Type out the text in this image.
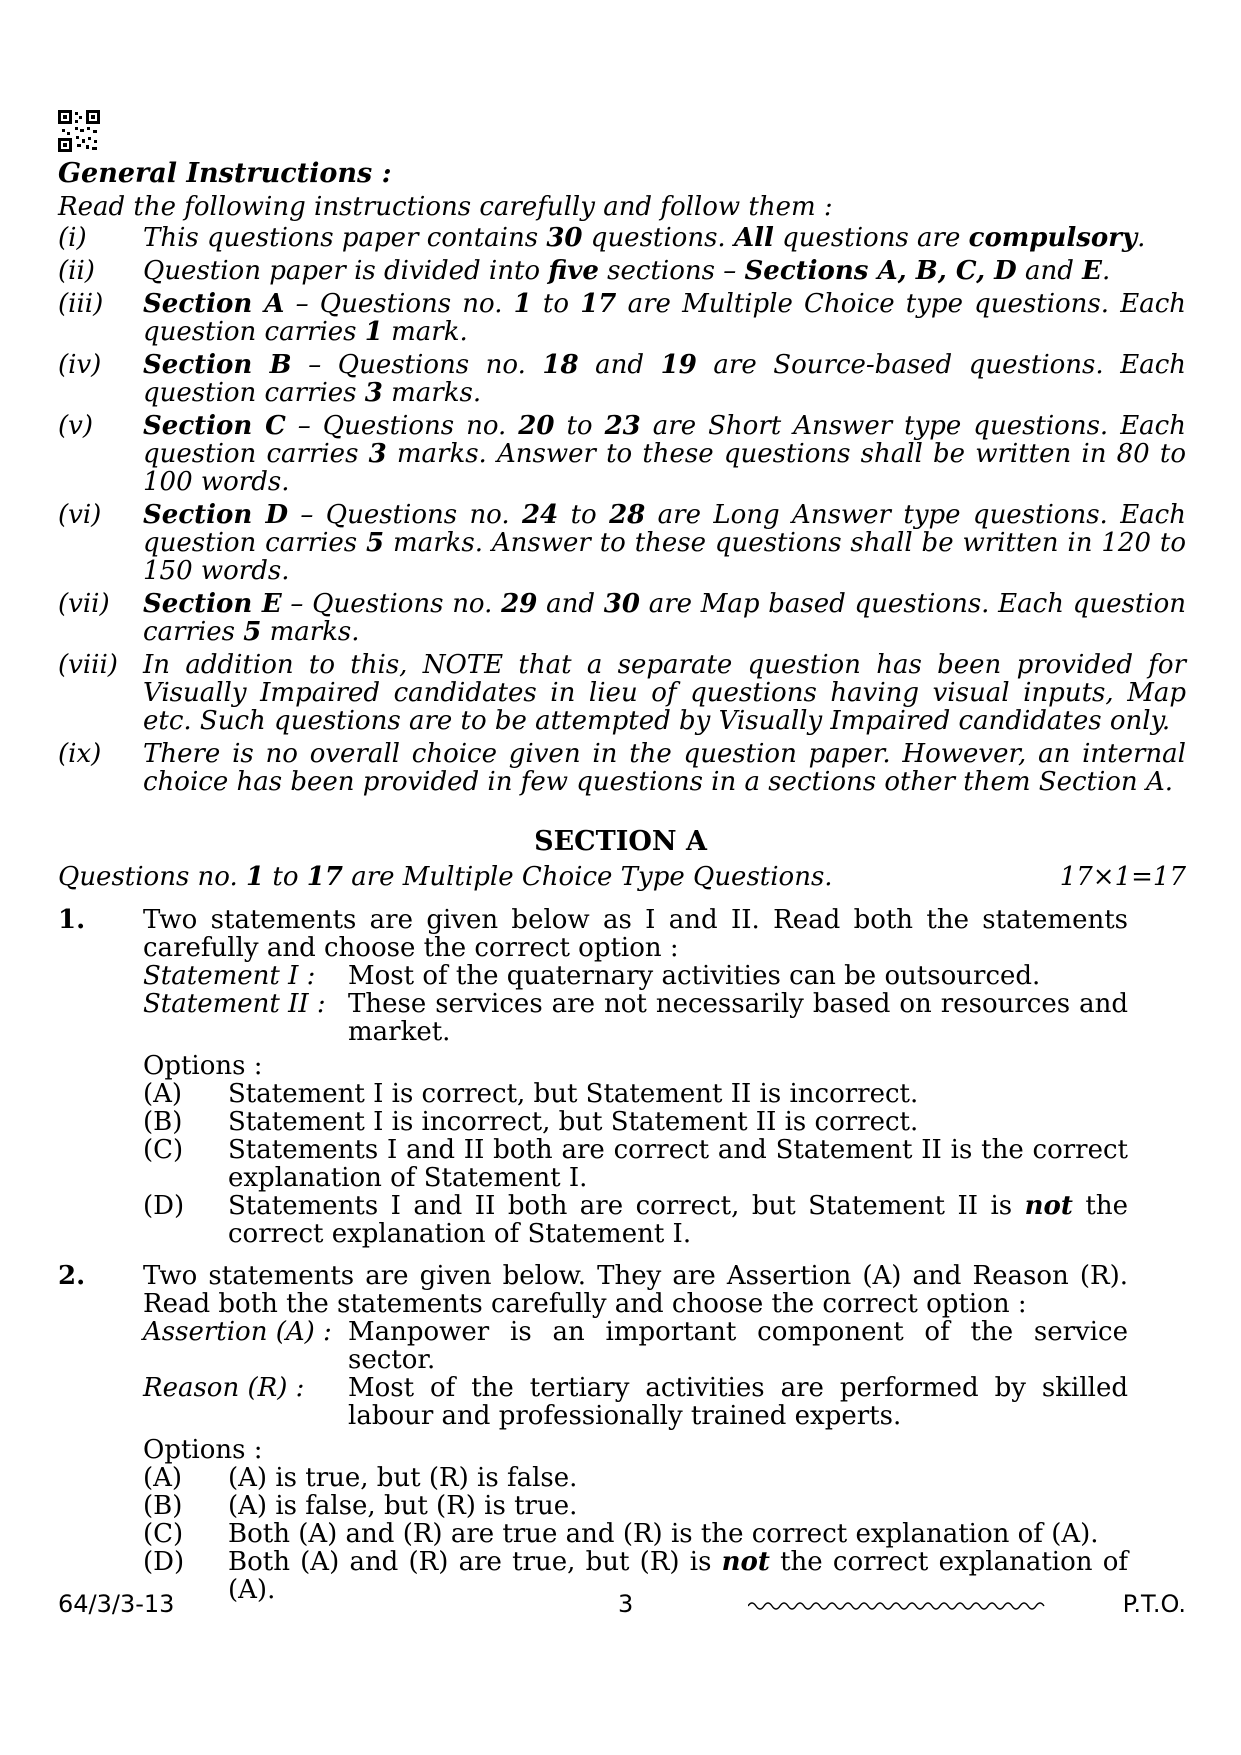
General Instructions :
Read the following instructions carefully and follow them :
(i)	This questions paper contains 30 questions. All questions are compulsory.
(ii)	Question paper is divided into five sections – Sections A, B, C, D and E.
(iii)	Section A – Questions no. 1 to 17 are Multiple Choice type questions. Each question carries 1 mark.
(iv)	Section B – Questions no. 18 and 19 are Source-based questions. Each question carries 3 marks.
(v)	Section C – Questions no. 20 to 23 are Short Answer type questions. Each question carries 3 marks. Answer to these questions shall be written in 80 to 100 words.
(vi)	Section D – Questions no. 24 to 28 are Long Answer type questions. Each question carries 5 marks. Answer to these questions shall be written in 120 to 150 words.
(vii)	Section E – Questions no. 29 and 30 are Map based questions. Each question carries 5 marks.
(viii) In addition to this, NOTE that a separate question has been provided for Visually Impaired candidates in lieu of questions having visual inputs, Map etc. Such questions are to be attempted by Visually Impaired candidates only.
(ix)	There is no overall choice given in the question paper. However, an internal choice has been provided in few questions in a sections other them Section A.
SECTION A
Questions no. 1 to 17 are Multiple Choice Type Questions.	17×1=17
1.	Two statements are given below as I and II. Read both the statements carefully and choose the correct option :
Statement I :	Most of the quaternary activities can be outsourced.
Statement II : These services are not necessarily based on resources and market.
Options :
(A)	Statement I is correct, but Statement II is incorrect.
(B)	Statement I is incorrect, but Statement II is correct.
(C)	Statements I and II both are correct and Statement II is the correct explanation of Statement I.
(D)	Statements I and II both are correct, but Statement II is not the correct explanation of Statement I.
2.	Two statements are given below. They are Assertion (A) and Reason (R). Read both the statements carefully and choose the correct option :
Assertion (A) : Manpower is an important component of the service sector.
Reason (R) :	Most of the tertiary activities are performed by skilled labour and professionally trained experts.
Options :
(A)	(A) is true, but (R) is false.
(B)	(A) is false, but (R) is true.
(C)	Both (A) and (R) are true and (R) is the correct explanation of (A).
(D)	Both (A) and (R) are true, but (R) is not the correct explanation of (A).
64/3/3-13	3	P.T.O.
